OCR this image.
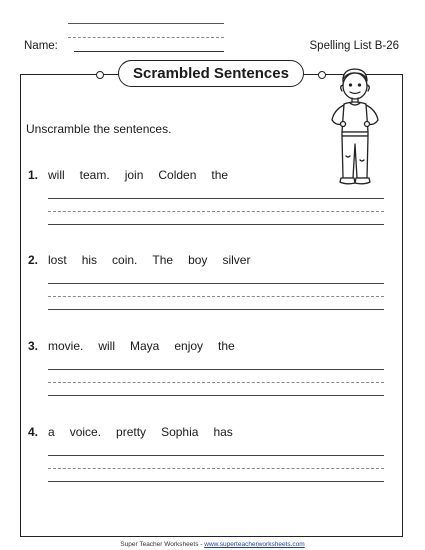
Name:	Spelling List B-26
Scrambled Sentences
Unscramble the sentences.
1. will team. join Colden the
2. lost his coin. The boy silver
3. movie. will Maya enjoy the
4. a voice. pretty Sophia has
Super Teacher Worksheets - www.superteacherworksheets.com
